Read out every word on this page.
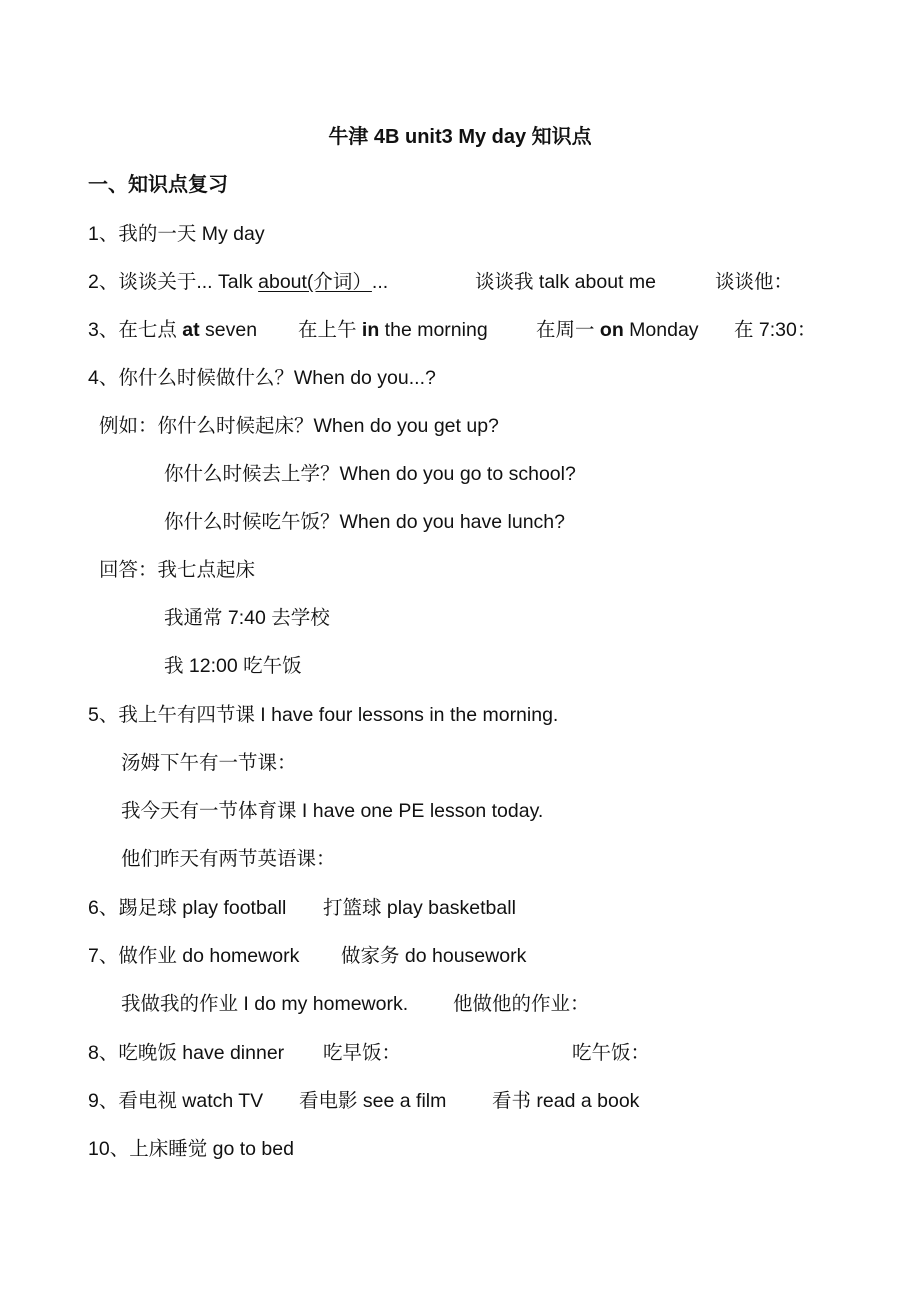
牛津 4B unit3 My day 知识点
一、知识点复习
1、我的一天 My day
2、谈谈关于... Talk about(介词）...	谈谈我 talk about me	谈谈他：
3、在七点 at seven 在上午 in the morning 在周一 on Monday 在 7:30：
4、你什么时候做什么？When do you...?
例如：你什么时候起床？When do you get up?
你什么时候去上学？When do you go to school?
你什么时候吃午饭？When do you have lunch?
回答：我七点起床
我通常 7:40 去学校
我 12:00 吃午饭
5、我上午有四节课 I have four lessons in the morning.
汤姆下午有一节课：
我今天有一节体育课 I have one PE lesson today.
他们昨天有两节英语课：
6、踢足球 play football 打篮球 play basketball
7、做作业 do homework 做家务 do housework
我做我的作业 I do my homework. 他做他的作业：
8、吃晚饭 have dinner 吃早饭：	吃午饭：
9、看电视 watch TV 看电影 see a film 看书 read a book
10、上床睡觉 go to bed
